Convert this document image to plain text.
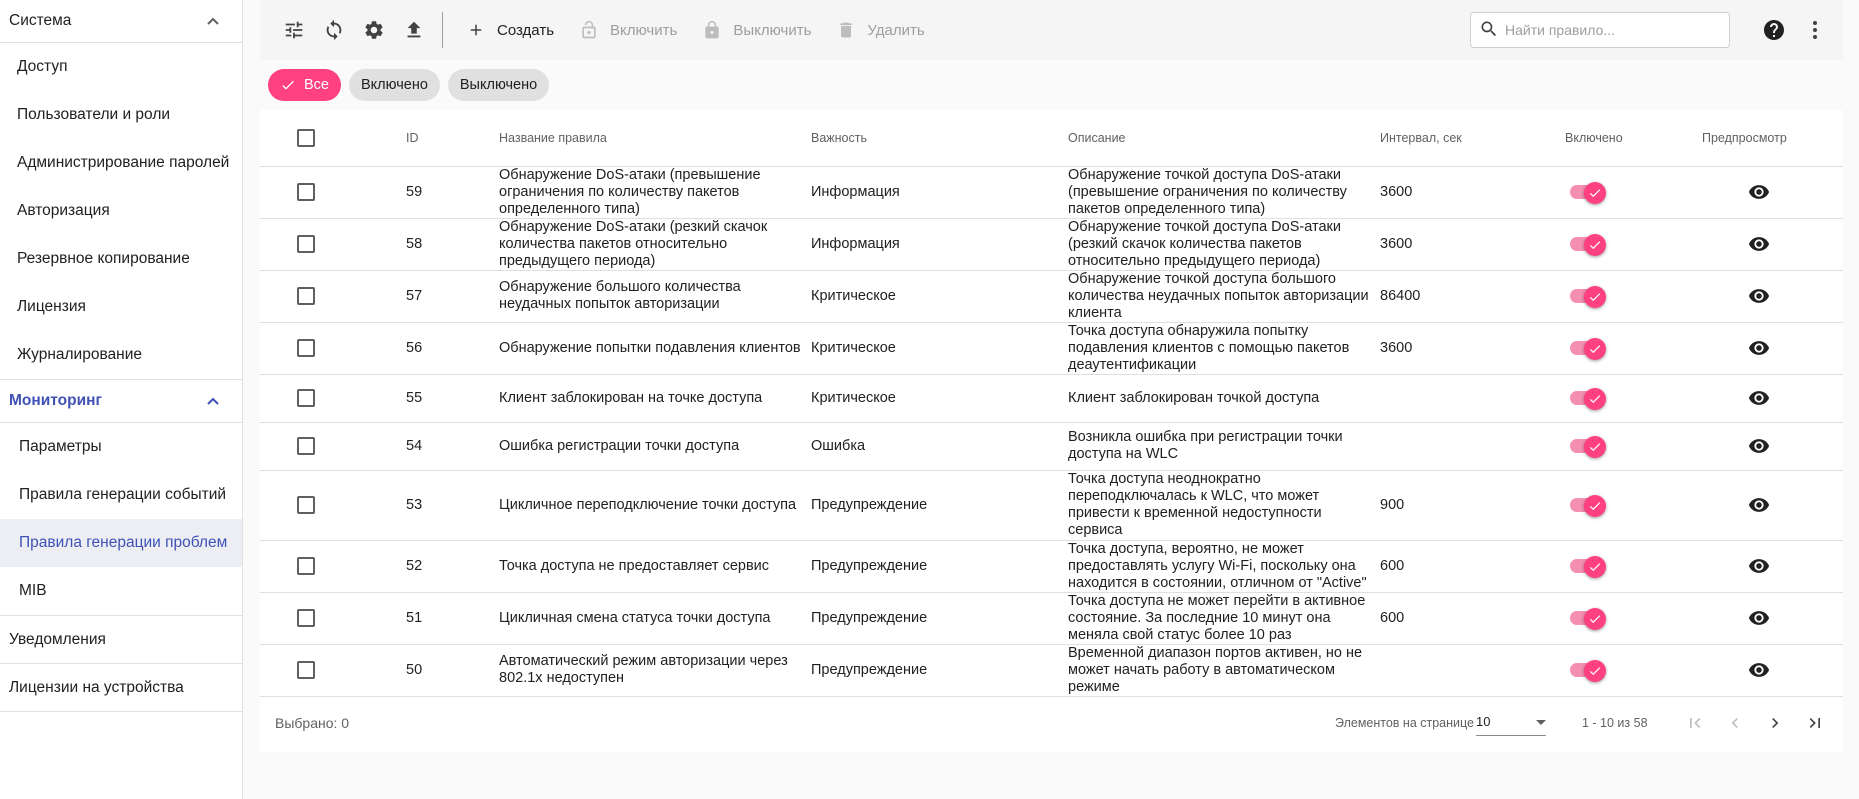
Система
Доступ
Пользователи и роли
Администрирование паролей
Авторизация
Резервное копирование
Лицензия
Журналирование
Мониторинг
Параметры
Правила генерации событий
Правила генерации проблем
MIB
Уведомления
Лицензии на устройства
Создать	Включить	Выключить	Удалить
Найти правило...
Все Включено Выключено
	ID	Название правила	Важность	Описание	Интервал, сек	Включено	Предпросмотр

	59	Обнаружение DoS-атаки (превышение ограничения по количеству пакетов определенного типа)	Информация	Обнаружение точкой доступа DoS-атаки (превышение ограничения по количеству пакетов определенного типа)	3600	

	58	Обнаружение DoS-атаки (резкий скачок количества пакетов относительно предыдущего периода)	Информация	Обнаружение точкой доступа DoS-атаки (резкий скачок количества пакетов относительно предыдущего периода)	3600	

	57	Обнаружение большого количества неудачных попыток авторизации	Критическое	Обнаружение точкой доступа большого количества неудачных попыток авторизации клиента	86400	

	56	Обнаружение попытки подавления клиентов	Критическое	Точка доступа обнаружила попытку подавления клиентов с помощью пакетов деаутентификации	3600	

	55	Клиент заблокирован на точке доступа	Критическое	Клиент заблокирован точкой доступа		

	54	Ошибка регистрации точки доступа	Ошибка	Возникла ошибка при регистрации точки доступа на WLC		

	53	Цикличное переподключение точки доступа	Предупреждение	Точка доступа неоднократно переподключалась к WLC, что может привести к временной недоступности сервиса	900	

	52	Точка доступа не предоставляет сервис	Предупреждение	Точка доступа, вероятно, не может предоставлять услугу Wi-Fi, поскольку она находится в состоянии, отличном от "Active"	600	

	51	Цикличная смена статуса точки доступа	Предупреждение	Точка доступа не может перейти в активное состояние. За последние 10 минут она меняла свой статус более 10 раз	600	

	50	Автоматический режим авторизации через 802.1x недоступен	Предупреждение	Временной диапазон портов активен, но не может начать работу в автоматическом режиме		

Выбрано: 0	Элементов на странице 10	1 - 10 из 58
